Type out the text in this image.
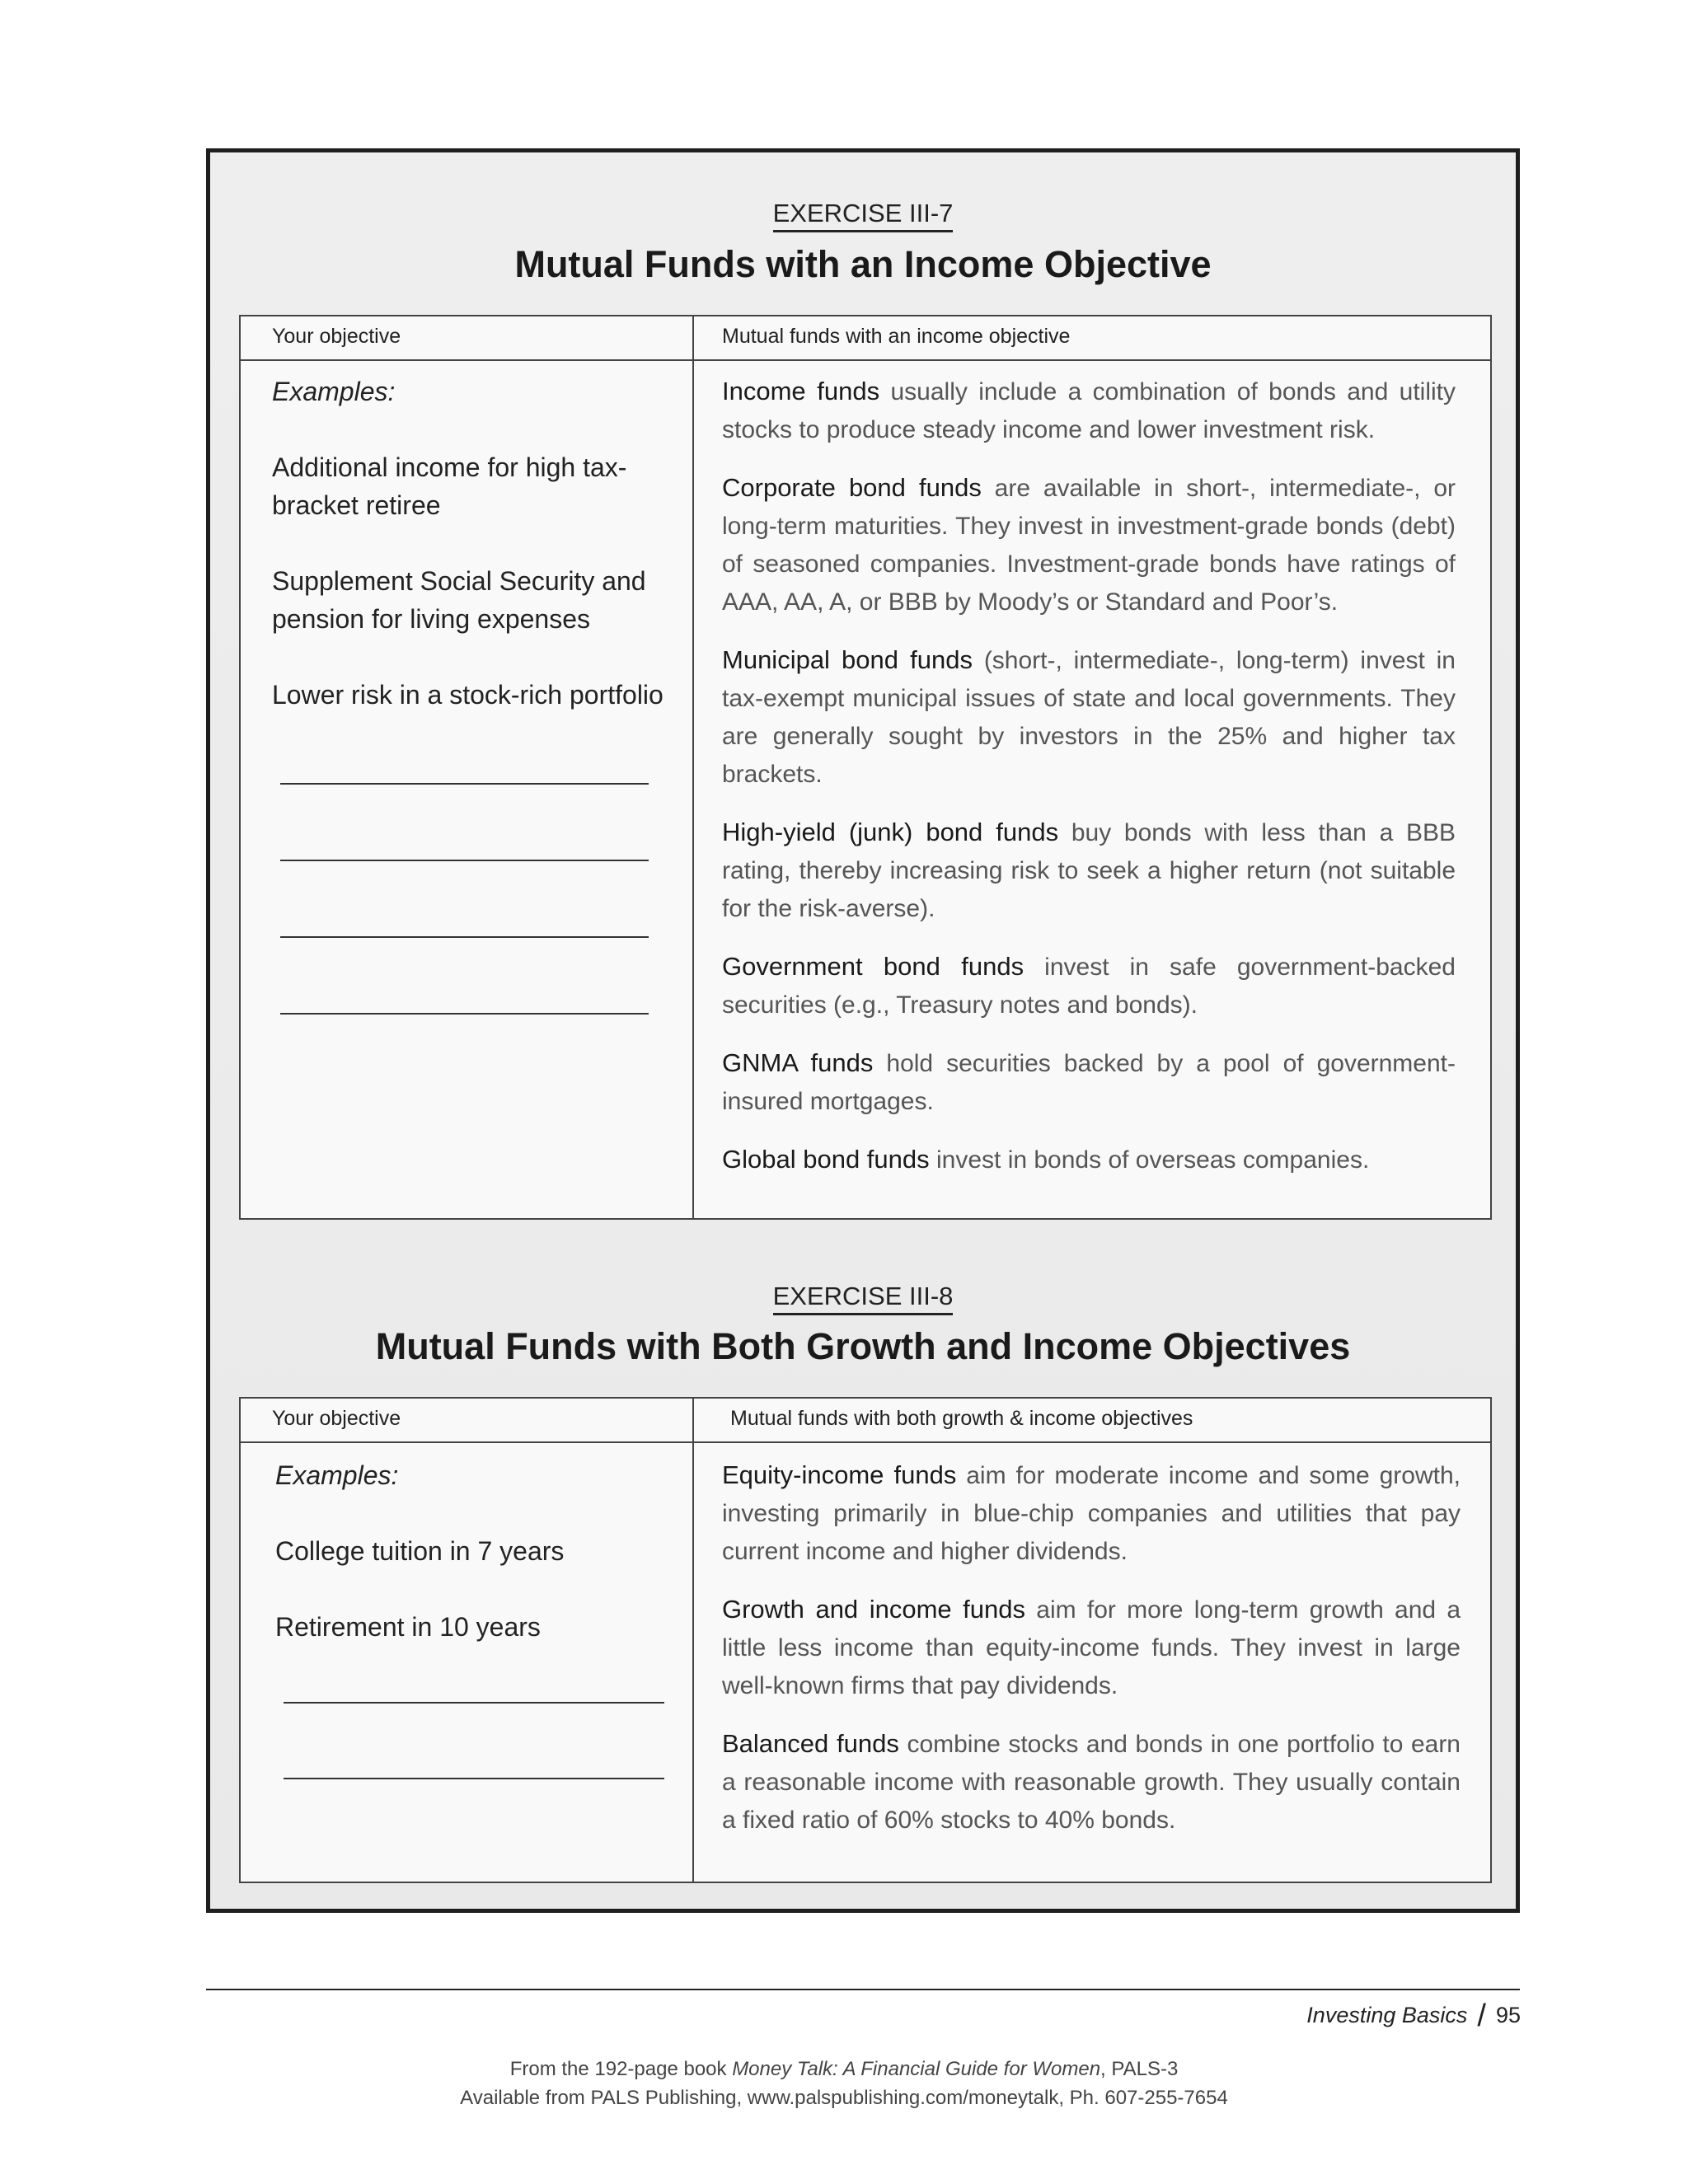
EXERCISE III-7
Mutual Funds with an Income Objective
Your objective	Mutual funds with an income objective
Examples:
Additional income for high tax-bracket retiree
Supplement Social Security and pension for living expenses
Lower risk in a stock-rich portfolio

Income funds usually include a combination of bonds and utility stocks to produce steady income and lower investment risk.

Corporate bond funds are available in short-, intermediate-, or long-term maturities. They invest in investment-grade bonds (debt) of seasoned companies. Investment-grade bonds have ratings of AAA, AA, A, or BBB by Moody’s or Standard and Poor’s.

Municipal bond funds (short-, intermediate-, long-term) invest in tax-exempt municipal issues of state and local governments. They are generally sought by investors in the 25% and higher tax brackets.

High-yield (junk) bond funds buy bonds with less than a BBB rating, thereby increasing risk to seek a higher return (not suitable for the risk-averse).

Government bond funds invest in safe government-backed securities (e.g., Treasury notes and bonds).

GNMA funds hold securities backed by a pool of government-insured mortgages.

Global bond funds invest in bonds of overseas companies.

EXERCISE III-8
Mutual Funds with Both Growth and Income Objectives
Your objective	Mutual funds with both growth & income objectives
Examples:
College tuition in 7 years
Retirement in 10 years

Equity-income funds aim for moderate income and some growth, investing primarily in blue-chip companies and utilities that pay current income and higher dividends.

Growth and income funds aim for more long-term growth and a little less income than equity-income funds. They invest in large well-known firms that pay dividends.

Balanced funds combine stocks and bonds in one portfolio to earn a reasonable income with reasonable growth. They usually contain a fixed ratio of 60% stocks to 40% bonds.

Investing Basics / 95
From the 192-page book Money Talk: A Financial Guide for Women, PALS-3
Available from PALS Publishing, www.palspublishing.com/moneytalk, Ph. 607-255-7654
